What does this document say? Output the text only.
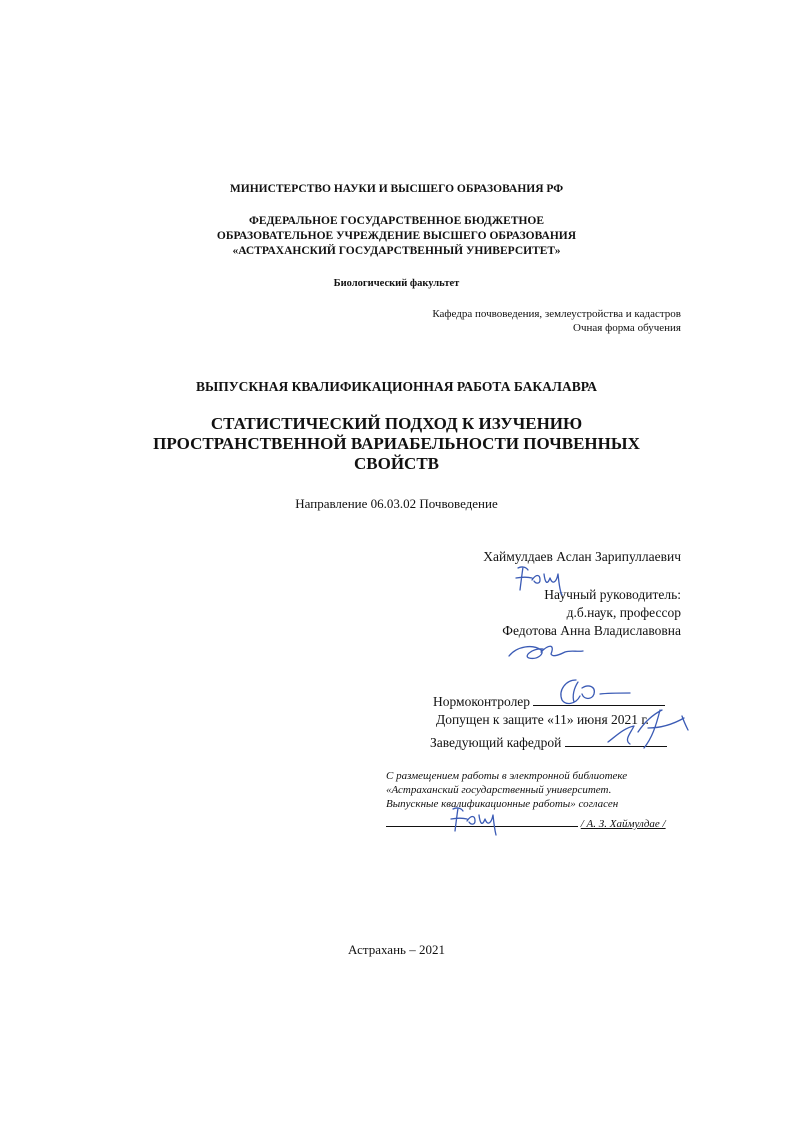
МИНИСТЕРСТВО НАУКИ И ВЫСШЕГО ОБРАЗОВАНИЯ РФ
ФЕДЕРАЛЬНОЕ ГОСУДАРСТВЕННОЕ БЮДЖЕТНОЕ
ОБРАЗОВАТЕЛЬНОЕ УЧРЕЖДЕНИЕ ВЫСШЕГО ОБРАЗОВАНИЯ
«АСТРАХАНСКИЙ ГОСУДАРСТВЕННЫЙ УНИВЕРСИТЕТ»
Биологический факультет
Кафедра почвоведения, землеустройства и кадастров
Очная форма обучения
ВЫПУСКНАЯ КВАЛИФИКАЦИОННАЯ РАБОТА БАКАЛАВРА
СТАТИСТИЧЕСКИЙ ПОДХОД К ИЗУЧЕНИЮ
ПРОСТРАНСТВЕННОЙ ВАРИАБЕЛЬНОСТИ ПОЧВЕННЫХ
СВОЙСТВ
Направление 06.03.02 Почвоведение
Хаймулдаев Аслан Зарипуллаевич
Научный руководитель:
д.б.наук, профессор
Федотова Анна Владиславовна
Нормоконтролер
Допущен к защите «11» июня 2021 г.
Заведующий кафедрой
С размещением работы в электронной библиотеке
«Астраханский государственный университет.
Выпускные квалификационные работы» согласен
/ А. З. Хаймулдае /
Астрахань – 2021
